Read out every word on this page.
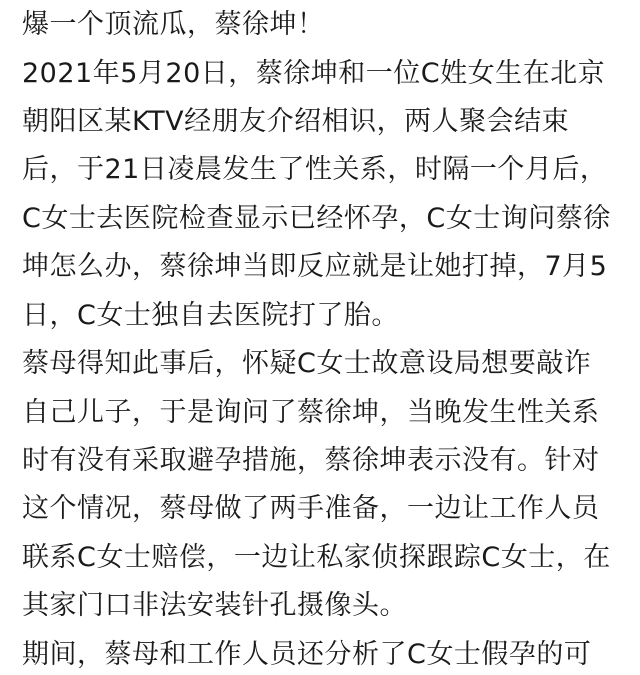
爆一个顶流瓜，蔡徐坤！
2021年5月20日，蔡徐坤和一位C姓女生在北京
朝阳区某KTV经朋友介绍相识，两人聚会结束
后，于21日凌晨发生了性关系，时隔一个月后，
C女士去医院检查显示已经怀孕，C女士询问蔡徐
坤怎么办，蔡徐坤当即反应就是让她打掉，7月5
日，C女士独自去医院打了胎。
蔡母得知此事后，怀疑C女士故意设局想要敲诈
自己儿子，于是询问了蔡徐坤，当晚发生性关系
时有没有采取避孕措施，蔡徐坤表示没有。针对
这个情况，蔡母做了两手准备，一边让工作人员
联系C女士赔偿，一边让私家侦探跟踪C女士，在
其家门口非法安装针孔摄像头。
期间，蔡母和工作人员还分析了C女士假孕的可
